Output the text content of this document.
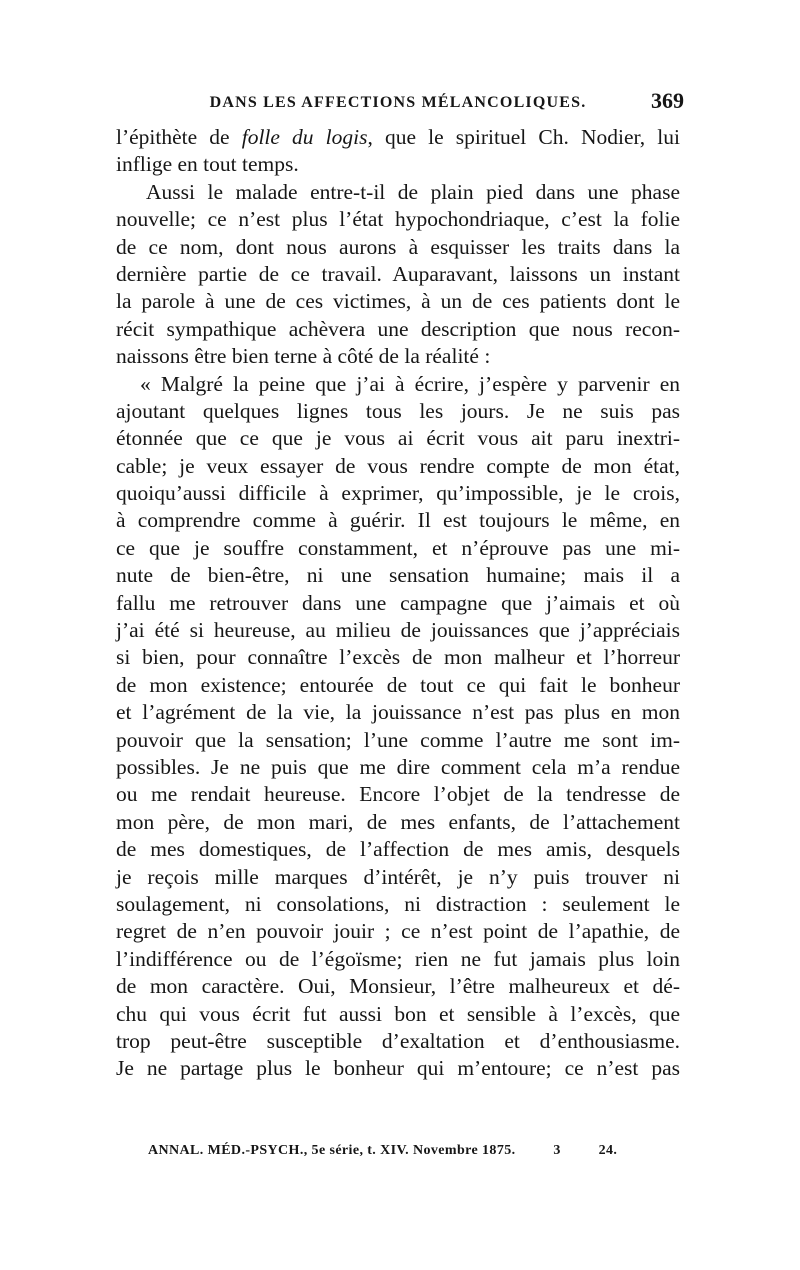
DANS LES AFFECTIONS MÉLANCOLIQUES.	369
l’épithète de folle du logis, que le spirituel Ch. Nodier, lui
inflige en tout temps.
Aussi le malade entre-t-il de plain pied dans une phase
nouvelle; ce n’est plus l’état hypochondriaque, c’est la folie
de ce nom, dont nous aurons à esquisser les traits dans la
dernière partie de ce travail. Auparavant, laissons un instant
la parole à une de ces victimes, à un de ces patients dont le
récit sympathique achèvera une description que nous recon-
naissons être bien terne à côté de la réalité :
« Malgré la peine que j’ai à écrire, j’espère y parvenir en
ajoutant quelques lignes tous les jours. Je ne suis pas
étonnée que ce que je vous ai écrit vous ait paru inextri-
cable; je veux essayer de vous rendre compte de mon état,
quoiqu’aussi difficile à exprimer, qu’impossible, je le crois,
à comprendre comme à guérir. Il est toujours le même, en
ce que je souffre constamment, et n’éprouve pas une mi-
nute de bien-être, ni une sensation humaine; mais il a
fallu me retrouver dans une campagne que j’aimais et où
j’ai été si heureuse, au milieu de jouissances que j’appréciais
si bien, pour connaître l’excès de mon malheur et l’horreur
de mon existence; entourée de tout ce qui fait le bonheur
et l’agrément de la vie, la jouissance n’est pas plus en mon
pouvoir que la sensation; l’une comme l’autre me sont im-
possibles. Je ne puis que me dire comment cela m’a rendue
ou me rendait heureuse. Encore l’objet de la tendresse de
mon père, de mon mari, de mes enfants, de l’attachement
de mes domestiques, de l’affection de mes amis, desquels
je reçois mille marques d’intérêt, je n’y puis trouver ni
soulagement, ni consolations, ni distraction : seulement le
regret de n’en pouvoir jouir ; ce n’est point de l’apathie, de
l’indifférence ou de l’égoïsme; rien ne fut jamais plus loin
de mon caractère. Oui, Monsieur, l’être malheureux et dé-
chu qui vous écrit fut aussi bon et sensible à l’excès, que
trop peut-être susceptible d’exaltation et d’enthousiasme.
Je ne partage plus le bonheur qui m’entoure; ce n’est pas
ANNAL. MÉD.-PSYCH., 5e série, t. XIV. Novembre 1875.	3	24.
